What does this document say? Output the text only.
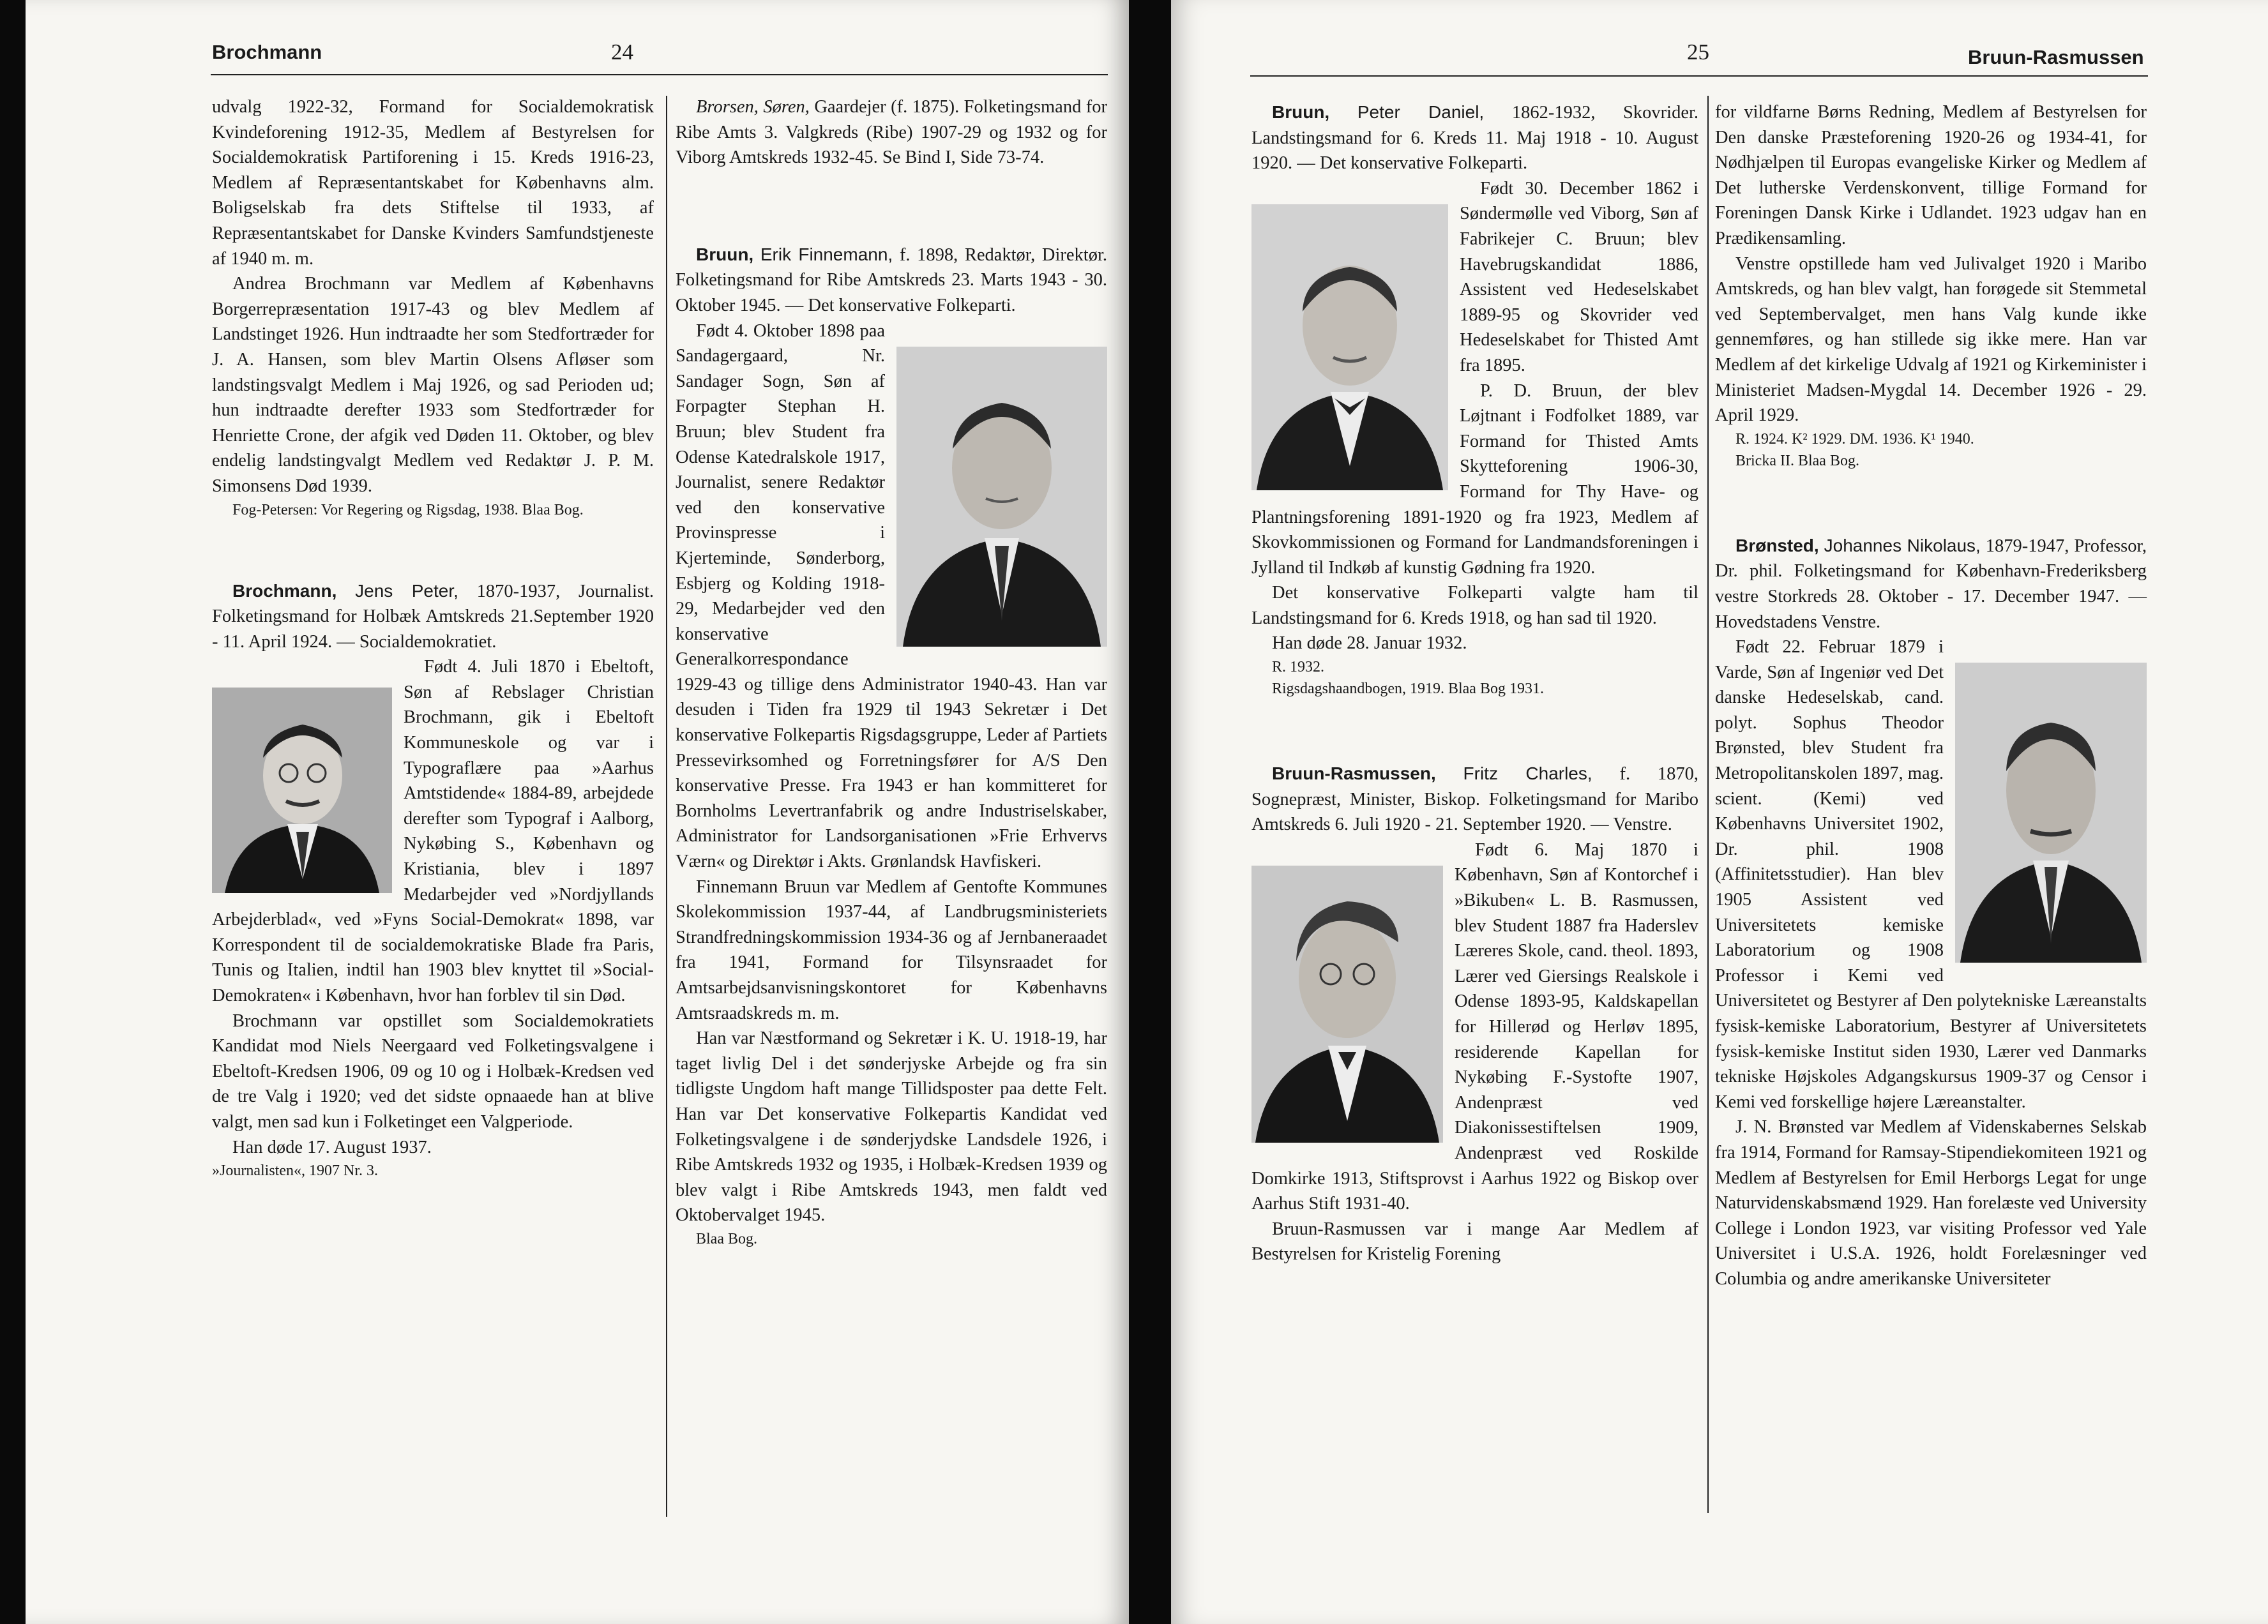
Brochmann	24

udvalg 1922-32, Formand for Socialdemokratisk Kvindeforening 1912-35, Medlem af Bestyrelsen for Socialdemokratisk Partiforening i 15. Kreds 1916-23, Medlem af Repræsentantskabet for Københavns alm. Boligselskab fra dets Stiftelse til 1933, af Repræsentantskabet for Danske Kvinders Samfundstjeneste af 1940 m. m.

Andrea Brochmann var Medlem af Københavns Borgerrepræsentation 1917-43 og blev Medlem af Landstinget 1926. Hun indtraadte her som Stedfortræder for J. A. Hansen, som blev Martin Olsens Afløser som landstingsvalgt Medlem i Maj 1926, og sad Perioden ud; hun indtraadte derefter 1933 som Stedfortræder for Henriette Crone, der afgik ved Døden 11. Oktober, og blev endelig landstingvalgt Medlem ved Redaktør J. P. M. Simonsens Død 1939.

Fog-Petersen: Vor Regering og Rigsdag, 1938. Blaa Bog.

Brochmann, Jens Peter, 1870-1937, Journalist. Folketingsmand for Holbæk Amtskreds 21.September 1920 - 11. April 1924. — Socialdemokratiet.

Født 4. Juli 1870 i Ebeltoft, Søn af Rebslager Christian Brochmann, gik i Ebeltoft Kommuneskole og var i Typograflære paa »Aarhus Amtstidende« 1884-89, arbejdede derefter som Typograf i Aalborg, Nykøbing S., København og Kristiania, blev i 1897 Medarbejder ved »Nordjyllands Arbejderblad«, ved »Fyns Social-Demokrat« 1898, var Korrespondent til de socialdemokratiske Blade fra Paris, Tunis og Italien, indtil han 1903 blev knyttet til »Social-Demokraten« i København, hvor han forblev til sin Død.

Brochmann var opstillet som Socialdemokratiets Kandidat mod Niels Neergaard ved Folketingsvalgene i Ebeltoft-Kredsen 1906, 09 og 10 og i Holbæk-Kredsen ved de tre Valg i 1920; ved det sidste opnaaede han at blive valgt, men sad kun i Folketinget een Valgperiode.

Han døde 17. August 1937.

»Journalisten«, 1907 Nr. 3.

Brorsen, Søren, Gaardejer (f. 1875). Folketingsmand for Ribe Amts 3. Valgkreds (Ribe) 1907-29 og 1932 og for Viborg Amtskreds 1932-45. Se Bind I, Side 73-74.

Bruun, Erik Finnemann, f. 1898, Redaktør, Direktør. Folketingsmand for Ribe Amtskreds 23. Marts 1943 - 30. Oktober 1945. — Det konservative Folkeparti.

Født 4. Oktober 1898 paa Sandagergaard, Nr. Sandager Sogn, Søn af Forpagter Stephan H. Bruun; blev Student fra Odense Katedralskole 1917, Journalist, senere Redaktør ved den konservative Provinspresse i Kjerteminde, Sønderborg, Esbjerg og Kolding 1918-29, Medarbejder ved den konservative Generalkorrespondance 1929-43 og tillige dens Administrator 1940-43. Han var desuden i Tiden fra 1929 til 1943 Sekretær i Det konservative Folkepartis Rigsdagsgruppe, Leder af Partiets Pressevirksomhed og Forretningsfører for A/S Den konservative Presse. Fra 1943 er han kommitteret for Bornholms Levertranfabrik og andre Industriselskaber, Administrator for Landsorganisationen »Frie Erhvervs Værn« og Direktør i Akts. Grønlandsk Havfiskeri.

Finnemann Bruun var Medlem af Gentofte Kommunes Skolekommission 1937-44, af Landbrugsministeriets Strandfredningskommission 1934-36 og af Jernbaneraadet fra 1941, Formand for Tilsynsraadet for Amtsarbejdsanvisningskontoret for Københavns Amtsraadskreds m. m.

Han var Næstformand og Sekretær i K. U. 1918-19, har taget livlig Del i det sønderjyske Arbejde og fra sin tidligste Ungdom haft mange Tillidsposter paa dette Felt. Han var Det konservative Folkepartis Kandidat ved Folketingsvalgene i de sønderjydske Landsdele 1926, i Ribe Amtskreds 1932 og 1935, i Holbæk-Kredsen 1939 og blev valgt i Ribe Amtskreds 1943, men faldt ved Oktobervalget 1945.

Blaa Bog.

25	Bruun-Rasmussen

Bruun, Peter Daniel, 1862-1932, Skovrider. Landstingsmand for 6. Kreds 11. Maj 1918 - 10. August 1920. — Det konservative Folkeparti.

Født 30. December 1862 i Søndermølle ved Viborg, Søn af Fabrikejer C. Bruun; blev Havebrugskandidat 1886, Assistent ved Hedeselskabet 1889-95 og Skovrider ved Hedeselskabet for Thisted Amt fra 1895.

P. D. Bruun, der blev Løjtnant i Fodfolket 1889, var Formand for Thisted Amts Skytteforening 1906-30, Formand for Thy Have- og Plantningsforening 1891-1920 og fra 1923, Medlem af Skovkommissionen og Formand for Landmandsforeningen i Jylland til Indkøb af kunstig Gødning fra 1920.

Det konservative Folkeparti valgte ham til Landstingsmand for 6. Kreds 1918, og han sad til 1920.

Han døde 28. Januar 1932.

R. 1932.

Rigsdagshaandbogen, 1919. Blaa Bog 1931.

Bruun-Rasmussen, Fritz Charles, f. 1870, Sognepræst, Minister, Biskop. Folketingsmand for Maribo Amtskreds 6. Juli 1920 - 21. September 1920. — Venstre.

Født 6. Maj 1870 i København, Søn af Kontorchef i »Bikuben« L. B. Rasmussen, blev Student 1887 fra Haderslev Læreres Skole, cand. theol. 1893, Lærer ved Giersings Realskole i Odense 1893-95, Kaldskapellan for Hillerød og Herløv 1895, residerende Kapellan for Nykøbing F.-Systofte 1907, Andenpræst ved Diakonissestiftelsen 1909, Andenpræst ved Roskilde Domkirke 1913, Stiftsprovst i Aarhus 1922 og Biskop over Aarhus Stift 1931-40.

Bruun-Rasmussen var i mange Aar Medlem af Bestyrelsen for Kristelig Forening

for vildfarne Børns Redning, Medlem af Bestyrelsen for Den danske Præsteforening 1920-26 og 1934-41, for Nødhjælpen til Europas evangeliske Kirker og Medlem af Det lutherske Verdenskonvent, tillige Formand for Foreningen Dansk Kirke i Udlandet. 1923 udgav han en Prædikensamling.

Venstre opstillede ham ved Julivalget 1920 i Maribo Amtskreds, og han blev valgt, han forøgede sit Stemmetal ved Septembervalget, men hans Valg kunde ikke gennemføres, og han stillede sig ikke mere. Han var Medlem af det kirkelige Udvalg af 1921 og Kirkeminister i Ministeriet Madsen-Mygdal 14. December 1926 - 29. April 1929.

R. 1924. K² 1929. DM. 1936. K¹ 1940.

Bricka II. Blaa Bog.

Brønsted, Johannes Nikolaus, 1879-1947, Professor, Dr. phil. Folketingsmand for København-Frederiksberg vestre Storkreds 28. Oktober - 17. December 1947. — Hovedstadens Venstre.

Født 22. Februar 1879 i Varde, Søn af Ingeniør ved Det danske Hedeselskab, cand. polyt. Sophus Theodor Brønsted, blev Student fra Metropolitanskolen 1897, mag. scient. (Kemi) ved Københavns Universitet 1902, Dr. phil. 1908 (Affinitetsstudier). Han blev 1905 Assistent ved Universitetets kemiske Laboratorium og 1908 Professor i Kemi ved Universitetet og Bestyrer af Den polytekniske Læreanstalts fysisk-kemiske Laboratorium, Bestyrer af Universitetets fysisk-kemiske Institut siden 1930, Lærer ved Danmarks tekniske Højskoles Adgangskursus 1909-37 og Censor i Kemi ved forskellige højere Læreanstalter.

J. N. Brønsted var Medlem af Videnskabernes Selskab fra 1914, Formand for Ramsay-Stipendiekomiteen 1921 og Medlem af Bestyrelsen for Emil Herborgs Legat for unge Naturvidenskabsmænd 1929. Han forelæste ved University College i London 1923, var visiting Professor ved Yale Universitet i U.S.A. 1926, holdt Forelæsninger ved Columbia og andre amerikanske Universiteter
